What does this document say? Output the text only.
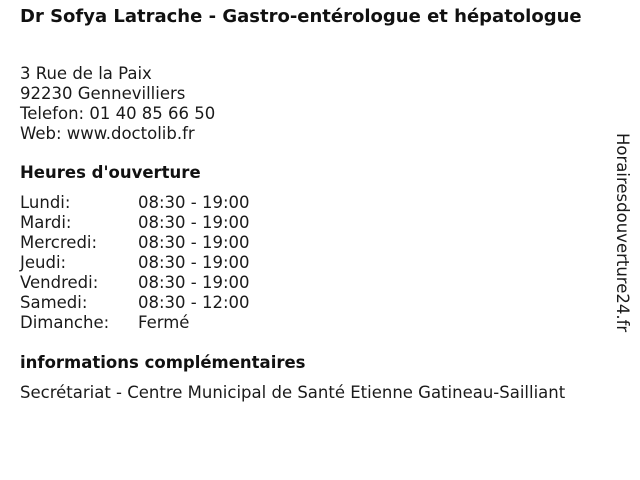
Dr Sofya Latrache - Gastro-entérologue et hépatologue
3 Rue de la Paix
92230 Gennevilliers
Telefon: 01 40 85 66 50
Web: www.doctolib.fr
Heures d'ouverture
Lundi:	08:30 - 19:00
Mardi:	08:30 - 19:00
Mercredi: 08:30 - 19:00
Jeudi:	08:30 - 19:00
Vendredi: 08:30 - 19:00
Samedi:	08:30 - 12:00
Dimanche: Fermé
informations complémentaires
Secrétariat - Centre Municipal de Santé Etienne Gatineau-Sailliant
Horairesdouverture24.fr
